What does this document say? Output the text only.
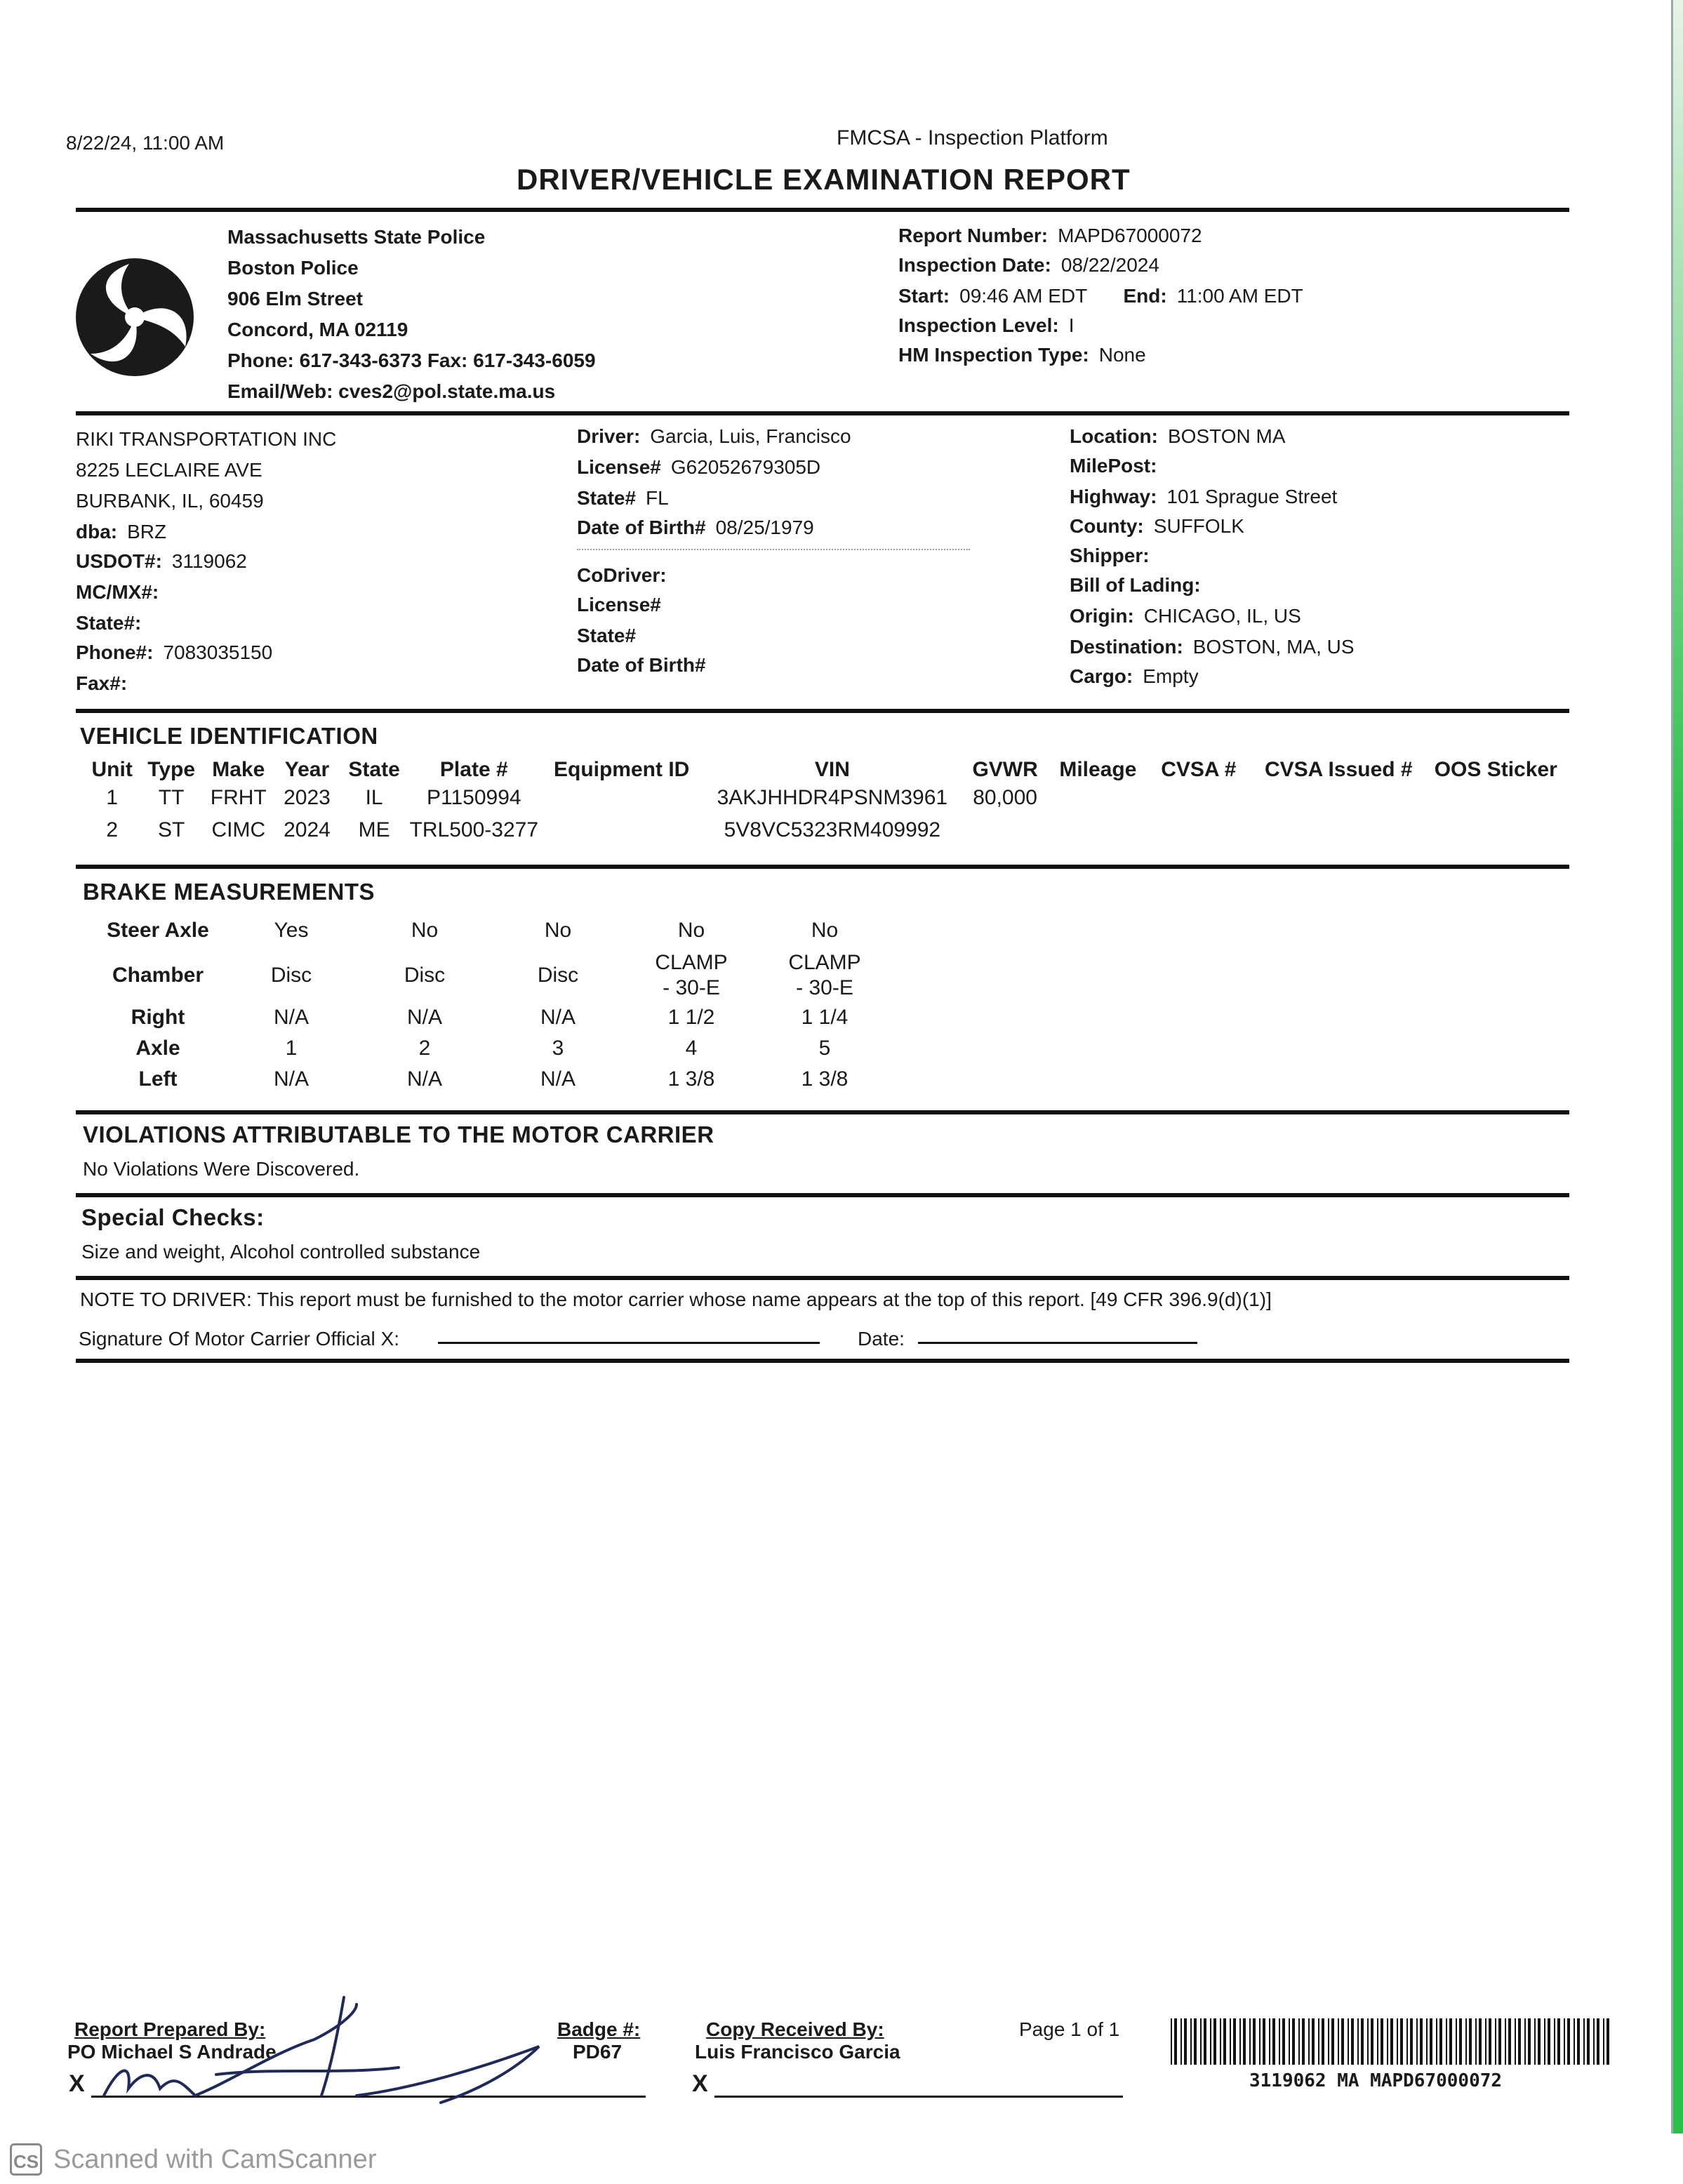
8/22/24, 11:00 AM	FMCSA - Inspection Platform
DRIVER/VEHICLE EXAMINATION REPORT
Massachusetts State Police
Boston Police
906 Elm Street
Concord, MA 02119
Phone: 617-343-6373 Fax: 617-343-6059
Email/Web: cves2@pol.state.ma.us
Report Number: MAPD67000072
Inspection Date: 08/22/2024
Start: 09:46 AM EDT End: 11:00 AM EDT
Inspection Level: I
HM Inspection Type: None
RIKI TRANSPORTATION INC
8225 LECLAIRE AVE
BURBANK, IL, 60459
dba: BRZ
USDOT#: 3119062
MC/MX#:
State#:
Phone#: 7083035150
Fax#:
Driver: Garcia, Luis, Francisco
License# G62052679305D
State# FL
Date of Birth# 08/25/1979
CoDriver:
License#
State#
Date of Birth#
Location: BOSTON MA
MilePost:
Highway: 101 Sprague Street
County: SUFFOLK
Shipper:
Bill of Lading:
Origin: CHICAGO, IL, US
Destination: BOSTON, MA, US
Cargo: Empty
VEHICLE IDENTIFICATION
Unit	Type	Make	Year	State	Plate #	Equipment ID	VIN	GVWR	Mileage	CVSA #	CVSA Issued #	OOS Sticker
1	TT	FRHT	2023	IL	P1150994		3AKJHHDR4PSNM3961	80,000				
2	ST	CIMC	2024	ME	TRL500-3277		5V8VC5323RM409992					
BRAKE MEASUREMENTS
Steer Axle	Yes	No	No	No	No
Chamber	Disc	Disc	Disc	CLAMP - 30-E	CLAMP - 30-E
Right	N/A	N/A	N/A	1 1/2	1 1/4
Axle	1	2	3	4	5
Left	N/A	N/A	N/A	1 3/8	1 3/8
VIOLATIONS ATTRIBUTABLE TO THE MOTOR CARRIER
No Violations Were Discovered.
Special Checks:
Size and weight, Alcohol controlled substance
NOTE TO DRIVER: This report must be furnished to the motor carrier whose name appears at the top of this report. [49 CFR 396.9(d)(1)]
Signature Of Motor Carrier Official X:	Date:
Report Prepared By:
PO Michael S Andrade
X
Badge #:
PD67
Copy Received By:
Luis Francisco Garcia
X
Page 1 of 1
3119062 MA MAPD67000072
CS Scanned with CamScanner
